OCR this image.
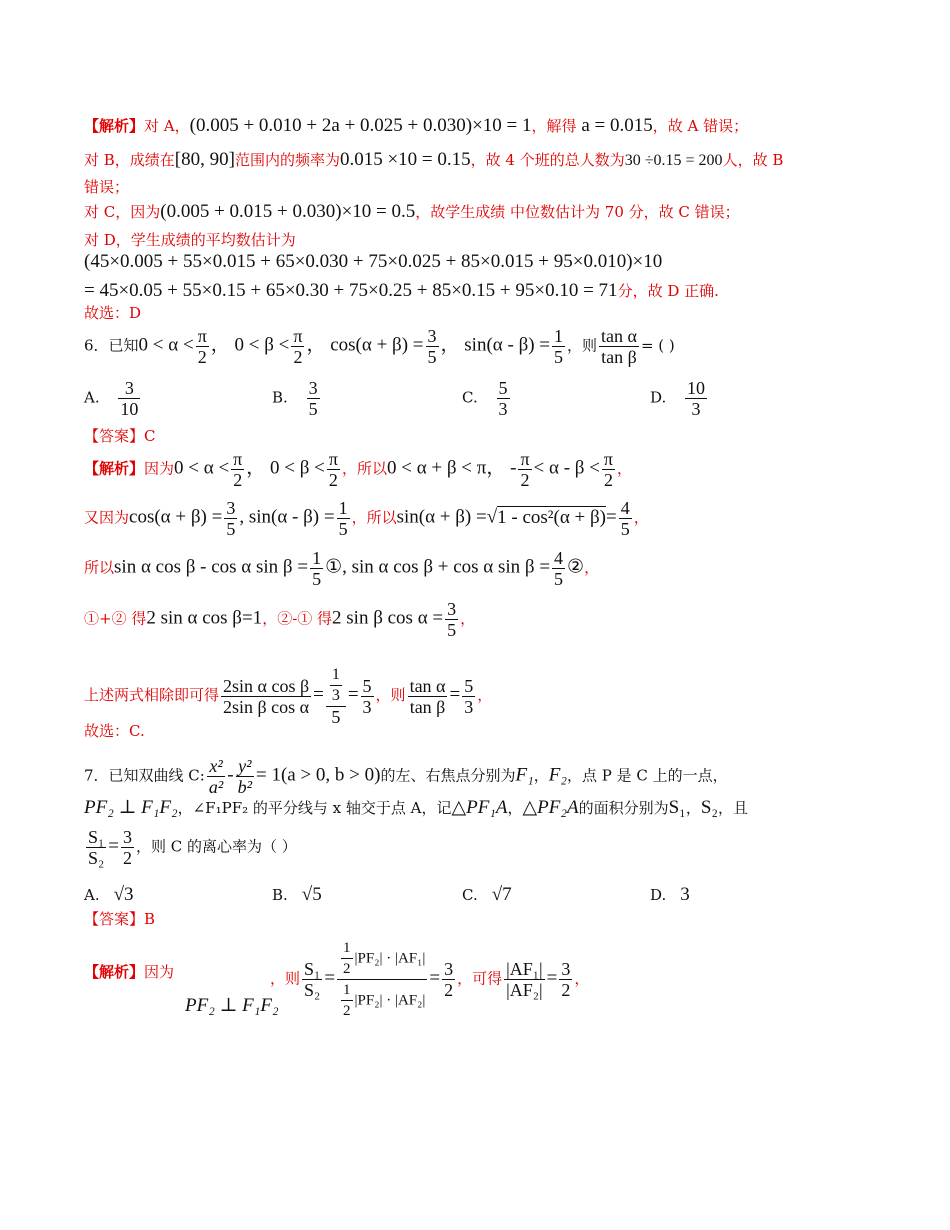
【解析】对 A，(0.005 + 0.010 + 2a + 0.025 + 0.030)×10 = 1，解得 a = 0.015，故 A 错误；
对 B，成绩在[80, 90]范围内的频率为0.015 ×10 = 0.15，故 4 个班的总人数为30 ÷0.15 = 200人，故 B
错误；
对 C，因为(0.005 + 0.015 + 0.030)×10 = 0.5，故学生成绩 中位数估计为 70 分，故 C 错误；
对 D，学生成绩的平均数估计为
(45×0.005 + 55×0.015 + 65×0.030 + 75×0.025 + 85×0.015 + 95×0.010)×10
= 45×0.05 + 55×0.15 + 65×0.30 + 75×0.25 + 85×0.15 + 95×0.10 = 71分，故 D 正确.
故选：D
6．已知$0 < \alpha < \frac{\pi}{2}$ ， $0 < \beta < \frac{\pi}{2}$ ， $\cos(\alpha + \beta) = \frac{3}{5}$ ， $\sin(\alpha - \beta) = \frac{1}{5}$ ，则 $\frac{\text{tan α}}{\text{tan β}}$ = ( )
A. $\frac{3}{10}$	B. $\frac{3}{5}$	C. $\frac{5}{3}$	D. $\frac{10}{3}$
【答案】C
【解析】因为$0 < \alpha < \frac{\pi}{2}$ ， $0 < \beta < \frac{\pi}{2}$ ，所以0 < α + β < π， - $\frac{\pi}{2} < \alpha - \beta < \frac{\pi}{2}$ ，
又因为$\cos(\alpha + \beta) = \frac{3}{5}$ , $\sin(\alpha - \beta) = \frac{1}{5}$ ，所以$\sin(\alpha + \beta) =√1 - \cos^2(\alpha + \beta)= \frac{4}{5}$ ，
所以sin α cos β - cos α $\sin \beta = \frac{1}{5}$ ①, sin α cos β + cos α $\sin \beta = \frac{4}{5}$ ②，
①+② 得2 sin α cos β=1，②-① 得2 sin β $\cos \alpha = \frac{3}{5}$ ，
上述两式相除即可得 $\frac{\text{2sin α cos β}}{\text{2sin β cos α}} = \frac{\frac{1}{3}}{5} = \frac{5}{3}$ ，则 $\frac{\text{tan α}}{\text{tan β}} = \frac{5}{3}$ ，
故选：C.
7．已知双曲线 C: $\frac{\text{x²}}{\text{a²}} - \frac{\text{y²}}{\text{b²}} = 1(a > 0$, b > 0)的左、右焦点分别为F₁，F₂，点 P 是 C 上的一点，
PF₂ ⊥ F₁F₂，∠F₁PF₂ 的平分线与 x 轴交于点 A，记△PF₁A，△PF₂A的面积分别为S₁，S₂，且
$\frac{\text{S₁}}{\text{S₂}} = \frac{3}{2}$ ，则 C 的离心率为（ ）
A. √3	B. √5	C. √7	D. 3
【答案】B
【解析】因为	，则 $\frac{\text{S₁}}{\text{S₂}} = \frac{\frac{1}{2} |PF_2| \cdot |AF_1|}{\frac{1}{2} |PF_2| \cdot |AF_2|} = \frac{3}{2}$ ，可得 $\frac{\text{|AF₁|}}{\text{|AF₂|}} = \frac{3}{2}$ ，
PF₂ ⊥ F₁F₂
